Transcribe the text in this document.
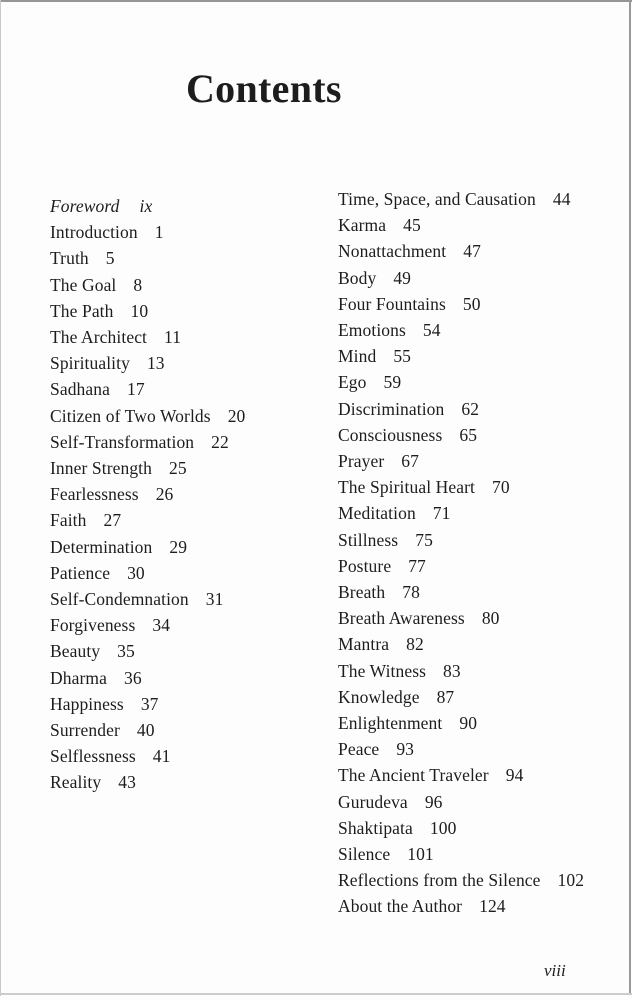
Contents
Foreword ix
Introduction 1
Truth 5
The Goal 8
The Path 10
The Architect 11
Spirituality 13
Sadhana 17
Citizen of Two Worlds 20
Self-Transformation 22
Inner Strength 25
Fearlessness 26
Faith 27
Determination 29
Patience 30
Self-Condemnation 31
Forgiveness 34
Beauty 35
Dharma 36
Happiness 37
Surrender 40
Selflessness 41
Reality 43
Time, Space, and Causation 44
Karma 45
Nonattachment 47
Body 49
Four Fountains 50
Emotions 54
Mind 55
Ego 59
Discrimination 62
Consciousness 65
Prayer 67
The Spiritual Heart 70
Meditation 71
Stillness 75
Posture 77
Breath 78
Breath Awareness 80
Mantra 82
The Witness 83
Knowledge 87
Enlightenment 90
Peace 93
The Ancient Traveler 94
Gurudeva 96
Shaktipata 100
Silence 101
Reflections from the Silence 102
About the Author 124
viii
